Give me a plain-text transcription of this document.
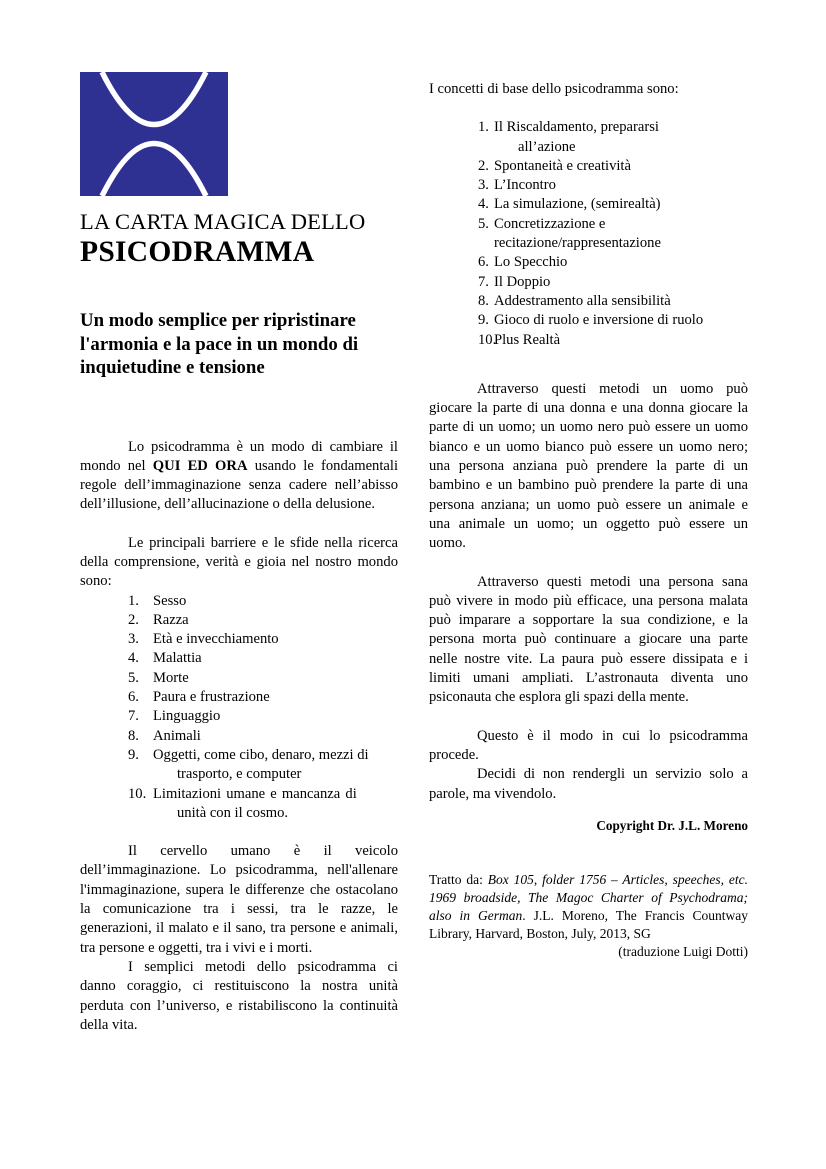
LA CARTA MAGICA DELLO
PSICODRAMMA
Un modo semplice per ripristinare l'armonia e la pace in un mondo di inquietudine e tensione

Lo psicodramma è un modo di cambiare il mondo nel QUI ED ORA usando le fondamentali regole dell’immaginazione senza cadere nell’abisso dell’illusione, dell’allucinazione o della delusione.

Le principali barriere e le sfide nella ricerca della comprensione, verità e gioia nel nostro mondo sono:

1. Sesso
2. Razza
3. Età e invecchiamento
4. Malattia
5. Morte
6. Paura e frustrazione
7. Linguaggio
8. Animali
9. Oggetti, come cibo, denaro, mezzi di
trasporto, e computer
10. Limitazioni umane e mancanza di
unità con il cosmo.

Il cervello umano è il veicolo dell’immaginazione. Lo psicodramma, nell'allenare l'immaginazione, supera le differenze che ostacolano la comunicazione tra i sessi, tra le razze, le generazioni, il malato e il sano, tra persone e animali, tra persone e oggetti, tra i vivi e i morti.

I semplici metodi dello psicodramma ci danno coraggio, ci restituiscono la nostra unità perduta con l’universo, e ristabiliscono la continuità della vita.

I concetti di base dello psicodramma sono:

1. Il Riscaldamento, prepararsi
all’azione
2. Spontaneità e creatività
3. L’Incontro
4. La simulazione, (semirealtà)
5. Concretizzazione e
recitazione/rappresentazione
6. Lo Specchio
7. Il Doppio
8. Addestramento alla sensibilità
9. Gioco di ruolo e inversione di ruolo
10.
Plus Realtà

Attraverso questi metodi un uomo può giocare la parte di una donna e una donna giocare la parte di un uomo; un uomo nero può essere un uomo bianco e un uomo bianco può essere un uomo nero; una persona anziana può prendere la parte di un bambino e un bambino può prendere la parte di una persona anziana; un uomo può essere un animale e una animale un uomo; un oggetto può essere un uomo.

Attraverso questi metodi una persona sana può vivere in modo più efficace, una persona malata può imparare a sopportare la sua condizione, e la persona morta può continuare a giocare una parte nelle nostre vite. La paura può essere dissipata e i limiti umani ampliati. L’astronauta diventa uno psiconauta che esplora gli spazi della mente.

Questo è il modo in cui lo psicodramma procede.

Decidi di non rendergli un servizio solo a parole, ma vivendolo.

Copyright Dr. J.L. Moreno

Tratto da: Box 105, folder 1756 – Articles, speeches, etc. 1969 broadside, The Magoc Charter of Psychodrama; also in German. J.L. Moreno, The Francis Countway Library, Harvard, Boston, July, 2013, SG

(traduzione Luigi Dotti)
